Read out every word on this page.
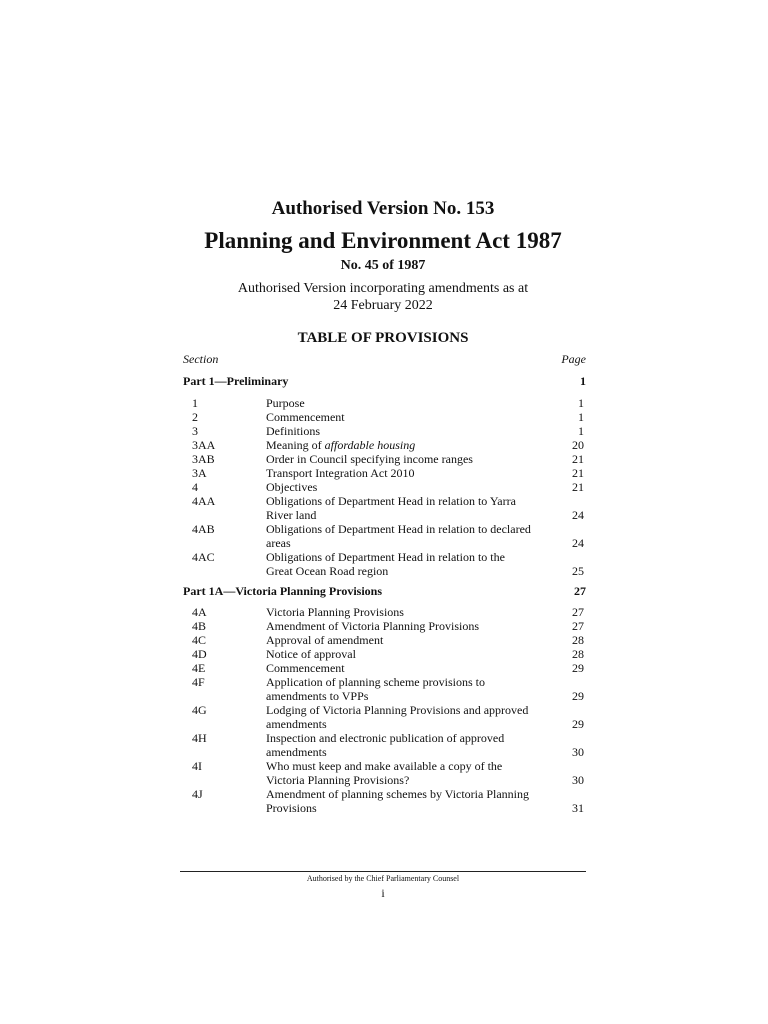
Authorised Version No. 153
Planning and Environment Act 1987
No. 45 of 1987
Authorised Version incorporating amendments as at
24 February 2022
TABLE OF PROVISIONS
Section	Page
Part 1—Preliminary	1
1	Purpose	1
2	Commencement	1
3	Definitions	1
3AA	Meaning of affordable housing	20
3AB	Order in Council specifying income ranges	21
3A	Transport Integration Act 2010	21
4	Objectives	21
4AA	Obligations of Department Head in relation to Yarra
River land	24
4AB	Obligations of Department Head in relation to declared
areas	24
4AC	Obligations of Department Head in relation to the
Great Ocean Road region	25
Part 1A—Victoria Planning Provisions	27
4A	Victoria Planning Provisions	27
4B	Amendment of Victoria Planning Provisions	27
4C	Approval of amendment	28
4D	Notice of approval	28
4E	Commencement	29
4F	Application of planning scheme provisions to
amendments to VPPs	29
4G	Lodging of Victoria Planning Provisions and approved
amendments	29
4H	Inspection and electronic publication of approved
amendments	30
4I	Who must keep and make available a copy of the
Victoria Planning Provisions?	30
4J	Amendment of planning schemes by Victoria Planning
Provisions	31
Authorised by the Chief Parliamentary Counsel
i
